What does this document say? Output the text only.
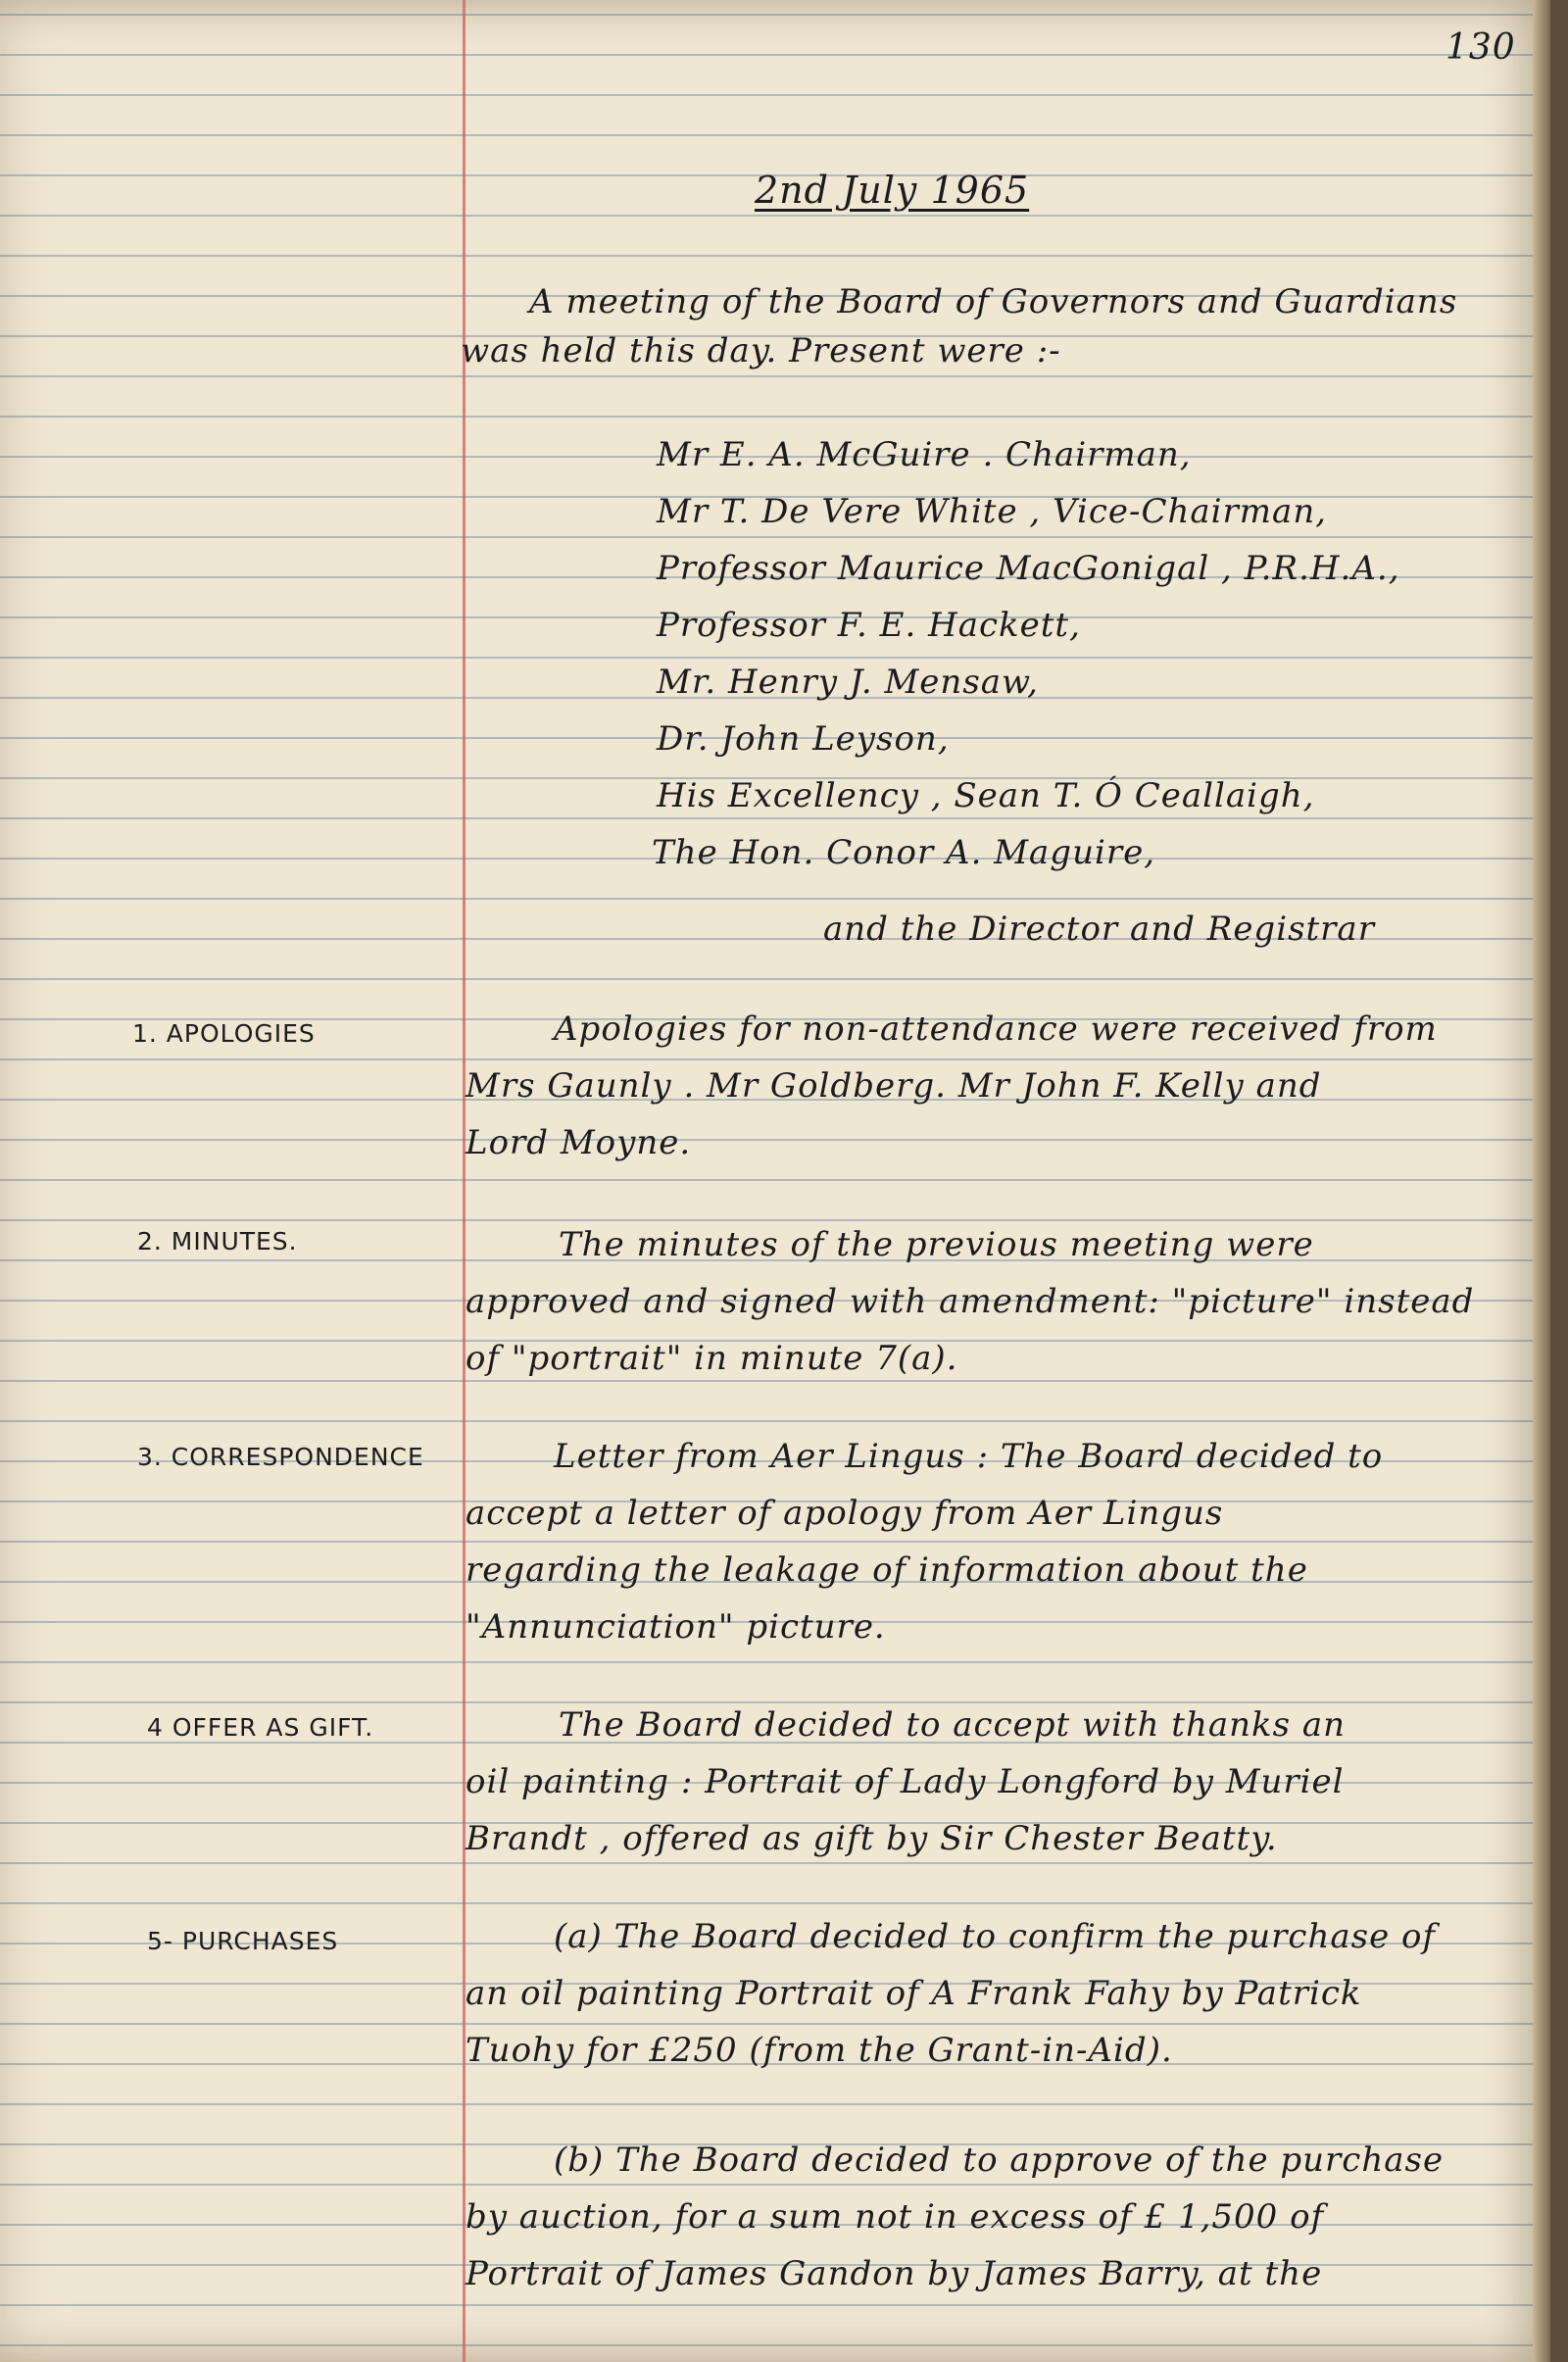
130
2nd July 1965
A meeting of the Board of Governors and Guardians
was held this day. Present were :-
Mr E. A. McGuire . Chairman,
Mr T. De Vere White , Vice-Chairman,
Professor Maurice MacGonigal , P.R.H.A.,
Professor F. E. Hackett,
Mr. Henry J. Mensaw,
Dr. John Leyson,
His Excellency , Sean T. Ó Ceallaigh,
The Hon. Conor A. Maguire,
and the Director and Registrar
1. APOLOGIES	Apologies for non-attendance were received from
Mrs Gaunly . Mr Goldberg. Mr John F. Kelly and
Lord Moyne.
2. MINUTES.	The minutes of the previous meeting were
approved and signed with amendment: "picture" instead
of "portrait" in minute 7(a).
3. CORRESPONDENCE	Letter from Aer Lingus : The Board decided to
accept a letter of apology from Aer Lingus
regarding the leakage of information about the
"Annunciation" picture.
4 OFFER AS GIFT.	The Board decided to accept with thanks an
oil painting : Portrait of Lady Longford by Muriel
Brandt , offered as gift by Sir Chester Beatty.
5- PURCHASES	(a) The Board decided to confirm the purchase of
an oil painting Portrait of A Frank Fahy by Patrick
Tuohy for £250 (from the Grant-in-Aid).
(b) The Board decided to approve of the purchase
by auction, for a sum not in excess of £ 1,500 of
Portrait of James Gandon by James Barry, at the
